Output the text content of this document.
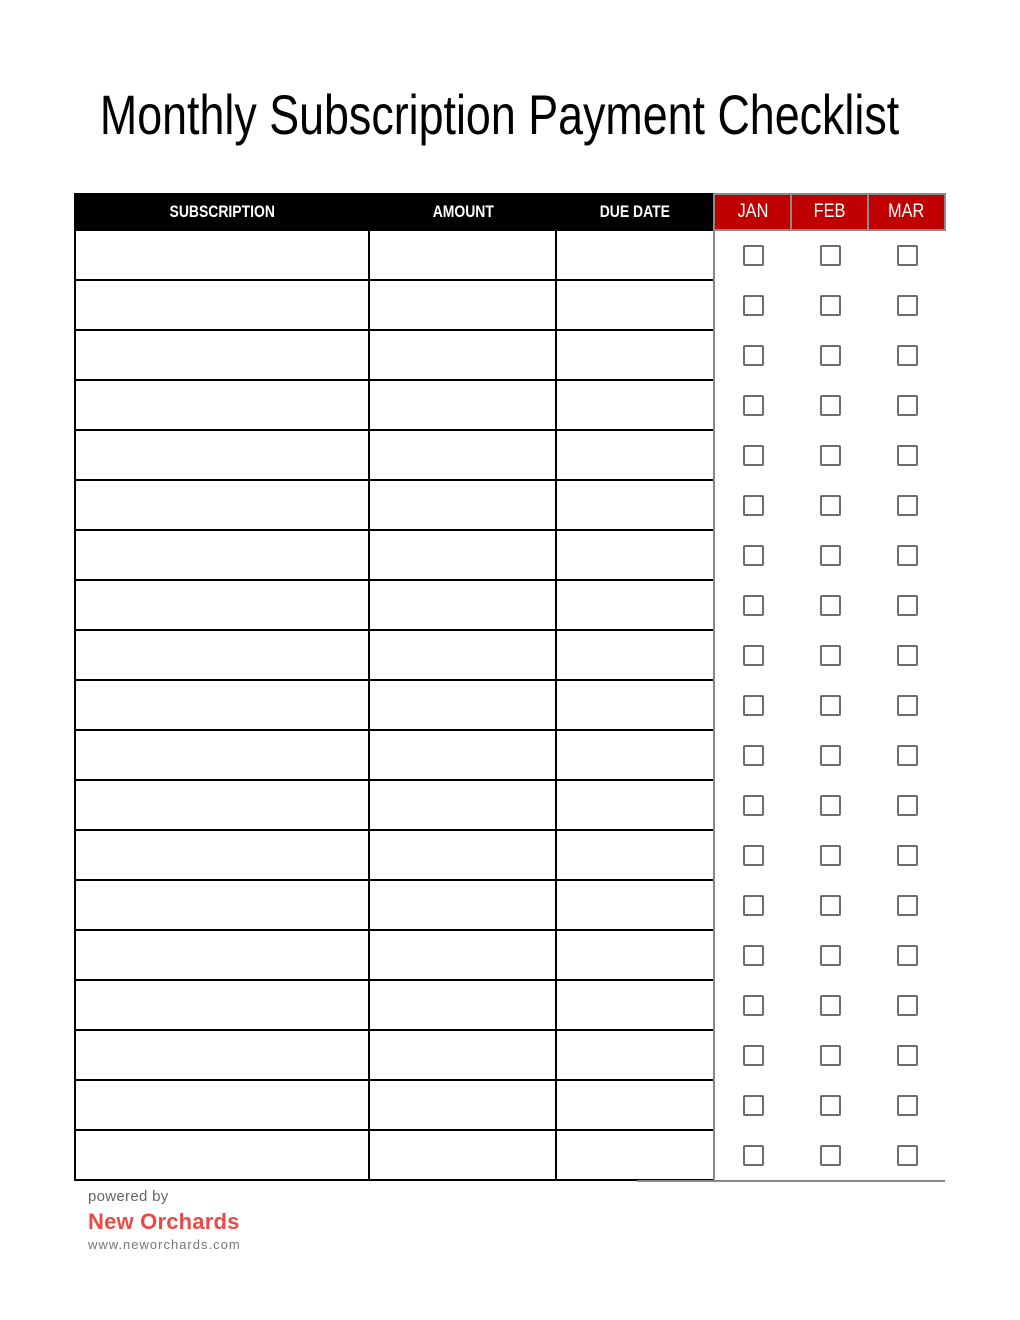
Monthly Subscription Payment Checklist
SUBSCRIPTION	AMOUNT	DUE DATE	JAN FEB MAR
powered by
New Orchards
www.neworchards.com
